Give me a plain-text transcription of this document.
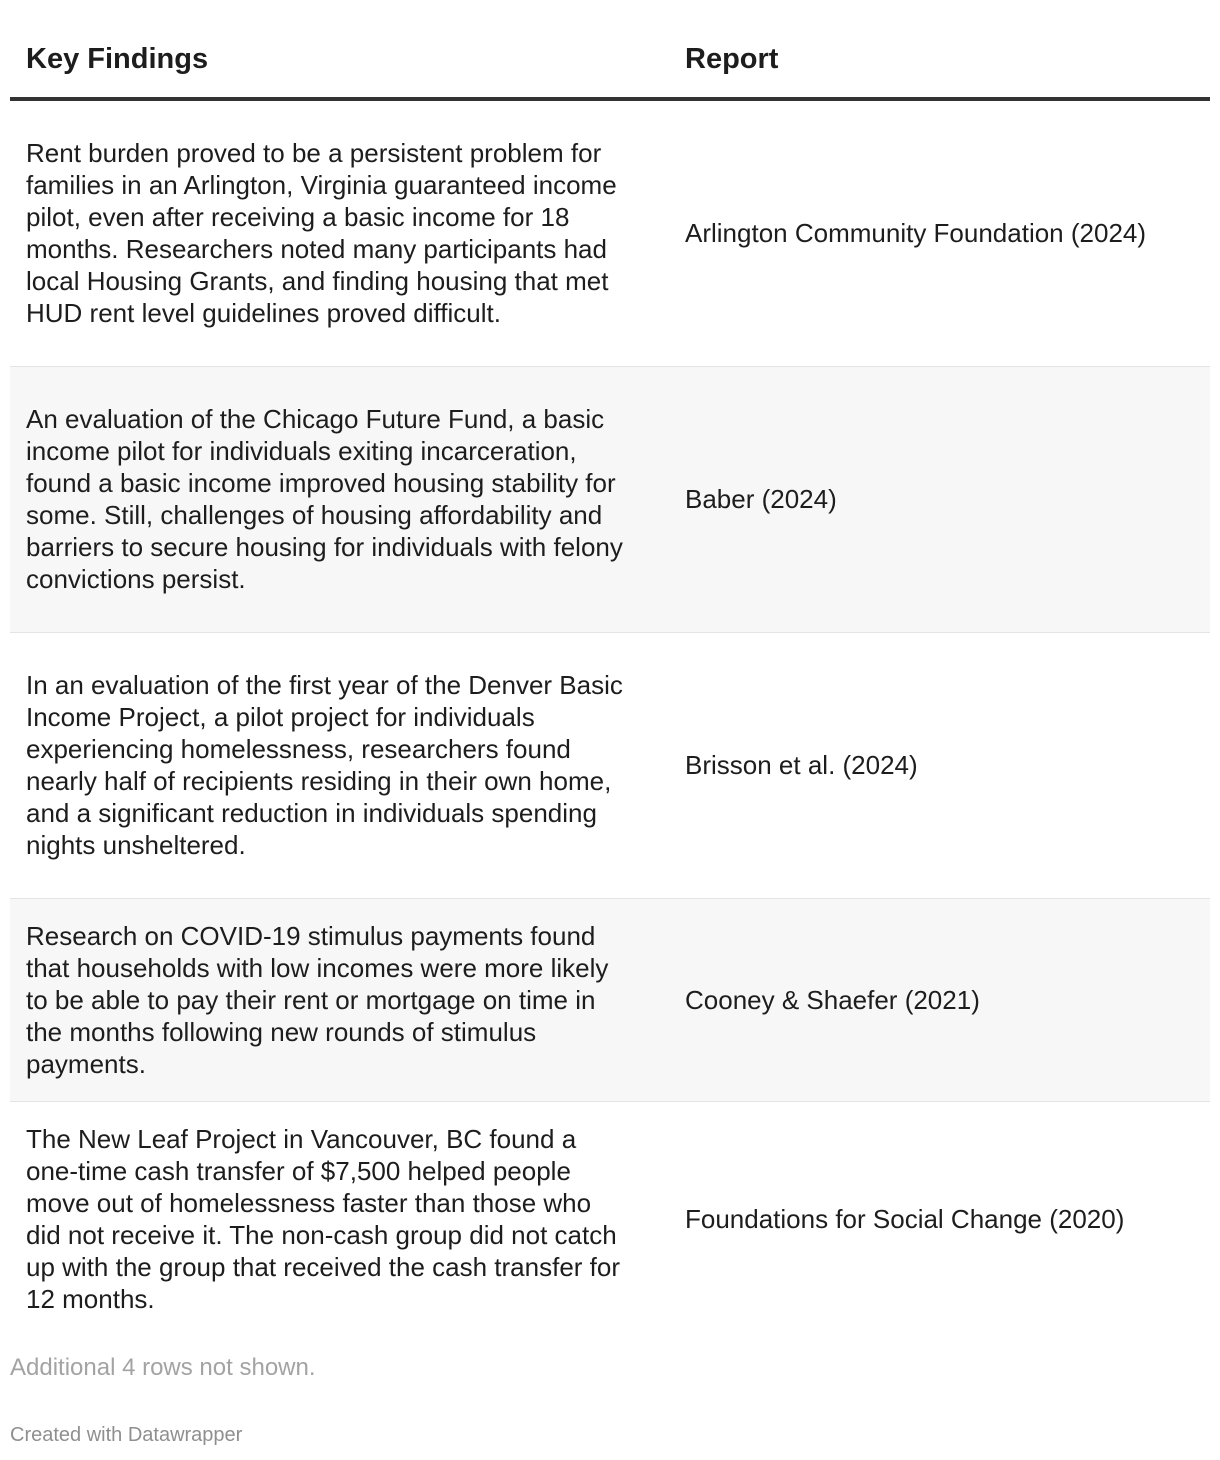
Key Findings	Report
Rent burden proved to be a persistent problem for families in an Arlington, Virginia guaranteed income pilot, even after receiving a basic income for 18 months. Researchers noted many participants had local Housing Grants, and finding housing that met HUD rent level guidelines proved difficult.	Arlington Community Foundation (2024)
An evaluation of the Chicago Future Fund, a basic income pilot for individuals exiting incarceration, found a basic income improved housing stability for some. Still, challenges of housing affordability and barriers to secure housing for individuals with felony convictions persist.	Baber (2024)
In an evaluation of the first year of the Denver Basic Income Project, a pilot project for individuals experiencing homelessness, researchers found nearly half of recipients residing in their own home, and a significant reduction in individuals spending nights unsheltered.	Brisson et al. (2024)
Research on COVID-19 stimulus payments found that households with low incomes were more likely to be able to pay their rent or mortgage on time in the months following new rounds of stimulus payments.	Cooney & Shaefer (2021)
The New Leaf Project in Vancouver, BC found a one-time cash transfer of $7,500 helped people move out of homelessness faster than those who did not receive it. The non-cash group did not catch up with the group that received the cash transfer for 12 months.	Foundations for Social Change (2020)
Additional 4 rows not shown.
Created with Datawrapper
